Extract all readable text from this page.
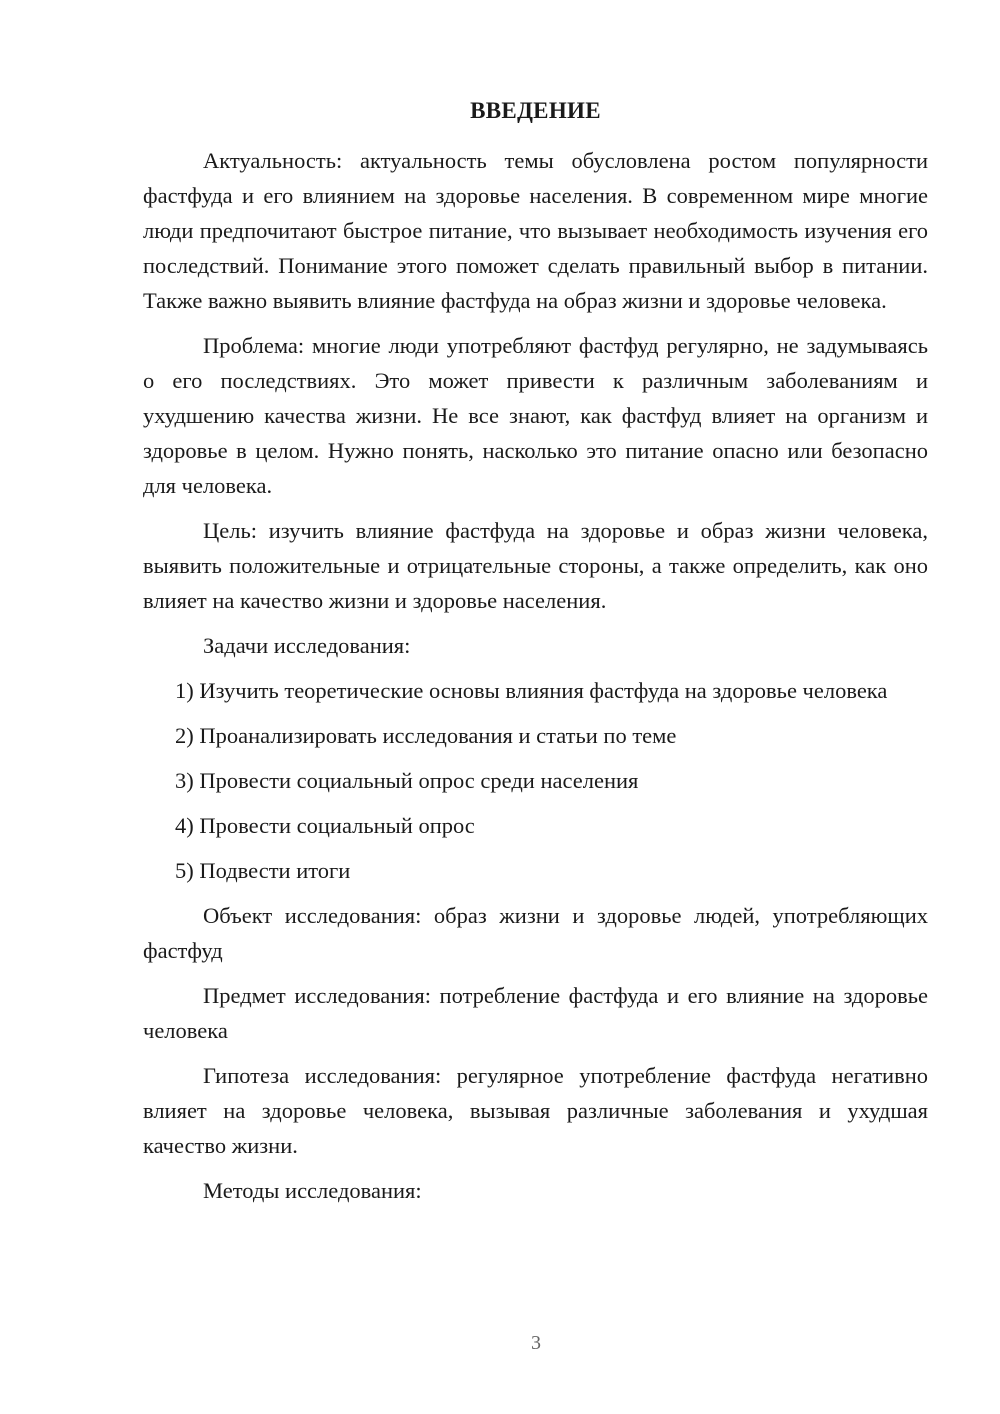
ВВЕДЕНИЕ

Актуальность: актуальность темы обусловлена ростом популярности фастфуда и его влиянием на здоровье населения. В современном мире многие люди предпочитают быстрое питание, что вызывает необходимость изучения его последствий. Понимание этого поможет сделать правильный выбор в питании. Также важно выявить влияние фастфуда на образ жизни и здоровье человека.

Проблема: многие люди употребляют фастфуд регулярно, не задумываясь о его последствиях. Это может привести к различным заболеваниям и ухудшению качества жизни. Не все знают, как фастфуд влияет на организм и здоровье в целом. Нужно понять, насколько это питание опасно или безопасно для человека.

Цель: изучить влияние фастфуда на здоровье и образ жизни человека, выявить положительные и отрицательные стороны, а также определить, как оно влияет на качество жизни и здоровье населения.

Задачи исследования:

1) Изучить теоретические основы влияния фастфуда на здоровье человека

2) Проанализировать исследования и статьи по теме

3) Провести социальный опрос среди населения

4) Провести социальный опрос

5) Подвести итоги

Объект исследования: образ жизни и здоровье людей, употребляющих фастфуд

Предмет исследования: потребление фастфуда и его влияние на здоровье человека

Гипотеза исследования: регулярное употребление фастфуда негативно влияет на здоровье человека, вызывая различные заболевания и ухудшая качество жизни.

Методы исследования:

3
